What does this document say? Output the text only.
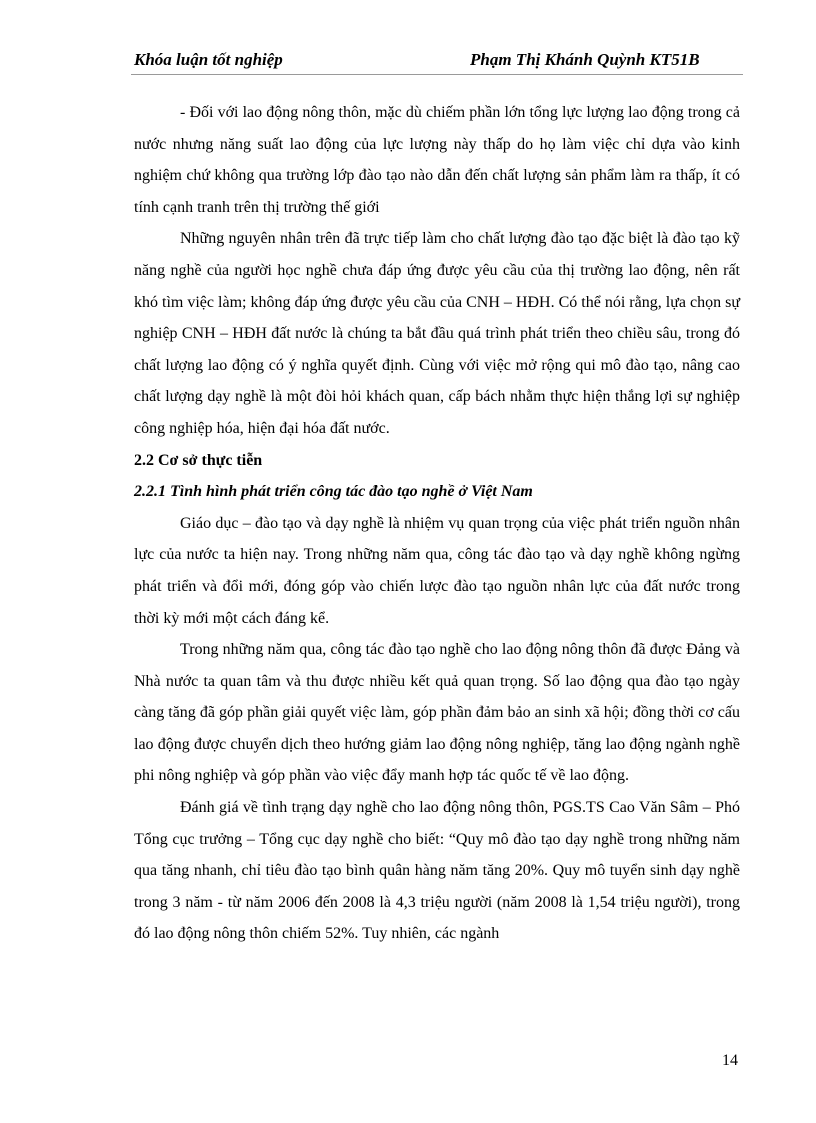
Khóa luận tốt nghiệp	Phạm Thị Khánh Quỳnh KT51B

- Đối với lao động nông thôn, mặc dù chiếm phần lớn tổng lực lượng lao động trong cả nước nhưng năng suất lao động của lực lượng này thấp do họ làm việc chỉ dựa vào kinh nghiệm chứ không qua trường lớp đào tạo nào dẫn đến chất lượng sản phẩm làm ra thấp, ít có tính cạnh tranh trên thị trường thế giới

Những nguyên nhân trên đã trực tiếp làm cho chất lượng đào tạo đặc biệt là đào tạo kỹ năng nghề của người học nghề chưa đáp ứng được yêu cầu của thị trường lao động, nên rất khó tìm việc làm; không đáp ứng được yêu cầu của CNH – HĐH. Có thể nói rằng, lựa chọn sự nghiệp CNH – HĐH đất nước là chúng ta bắt đầu quá trình phát triển theo chiều sâu, trong đó chất lượng lao động có ý nghĩa quyết định. Cùng với việc mở rộng qui mô đào tạo, nâng cao chất lượng dạy nghề là một đòi hỏi khách quan, cấp bách nhằm thực hiện thắng lợi sự nghiệp công nghiệp hóa, hiện đại hóa đất nước.

2.2 Cơ sở thực tiễn
2.2.1 Tình hình phát triển công tác đào tạo nghề ở Việt Nam

Giáo dục – đào tạo và dạy nghề là nhiệm vụ quan trọng của việc phát triển nguồn nhân lực của nước ta hiện nay. Trong những năm qua, công tác đào tạo và dạy nghề không ngừng phát triển và đổi mới, đóng góp vào chiến lược đào tạo nguồn nhân lực của đất nước trong thời kỳ mới một cách đáng kể.

Trong những năm qua, công tác đào tạo nghề cho lao động nông thôn đã được Đảng và Nhà nước ta quan tâm và thu được nhiều kết quả quan trọng. Số lao động qua đào tạo ngày càng tăng đã góp phần giải quyết việc làm, góp phần đảm bảo an sinh xã hội; đồng thời cơ cấu lao động được chuyển dịch theo hướng giảm lao động nông nghiệp, tăng lao động ngành nghề phi nông nghiệp và góp phần vào việc đẩy manh hợp tác quốc tế về lao động.

Đánh giá về tình trạng dạy nghề cho lao động nông thôn, PGS.TS Cao Văn Sâm – Phó Tổng cục trưởng – Tổng cục dạy nghề cho biết: “Quy mô đào tạo dạy nghề trong những năm qua tăng nhanh, chỉ tiêu đào tạo bình quân hàng năm tăng 20%. Quy mô tuyển sinh dạy nghề trong 3 năm - từ năm 2006 đến 2008 là 4,3 triệu người (năm 2008 là 1,54 triệu người), trong đó lao động nông thôn chiếm 52%. Tuy nhiên, các ngành

14
